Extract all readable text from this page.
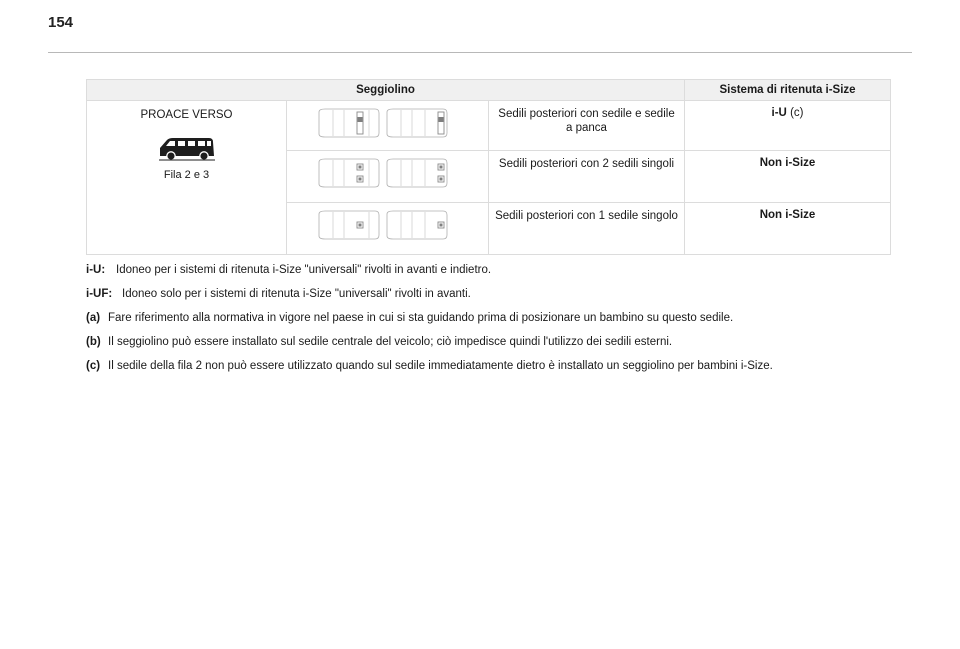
154
Seggiolino			Sistema di ritenuta i-Size

PROACE VERSO
Fila 2 e 3		Sedili posteriori con sedile e sedile a panca	i-U (c)

	Sedili posteriori con 2 sedili singoli	Non i-Size

	Sedili posteriori con 1 sedile singolo	Non i-Size
i-U: Idoneo per i sistemi di ritenuta i-Size "universali" rivolti in avanti e indietro.
i-UF: Idoneo solo per i sistemi di ritenuta i-Size "universali" rivolti in avanti.
(a) Fare riferimento alla normativa in vigore nel paese in cui si sta guidando prima di posizionare un bambino su questo sedile.
(b) Il seggiolino può essere installato sul sedile centrale del veicolo; ciò impedisce quindi l'utilizzo dei sedili esterni.
(c) Il sedile della fila 2 non può essere utilizzato quando sul sedile immediatamente dietro è installato un seggiolino per bambini i-Size.
